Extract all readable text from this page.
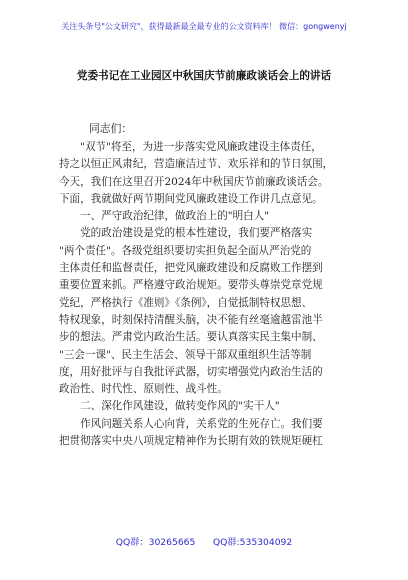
关注头条号"公文研究"，获得最新最全最专业的公文资料库！ 微信：gongwenyj
党委书记在工业园区中秋国庆节前廉政谈话会上的讲话
同志们：
　　"双节"将至，为进一步落实党风廉政建设主体责任，
持之以恒正风肃纪，营造廉洁过节、欢乐祥和的节日氛围，
今天，我们在这里召开2024年中秋国庆节前廉政谈话会。
下面，我就做好两节期间党风廉政建设工作讲几点意见。
　　一、严守政治纪律，做政治上的"明白人"
　　党的政治建设是党的根本性建设，我们要严格落实
"两个责任"。各级党组织要切实担负起全面从严治党的
主体责任和监督责任，把党风廉政建设和反腐败工作摆到
重要位置来抓。严格遵守政治规矩。要带头尊崇党章党规
党纪，严格执行《准则》《条例》，自觉抵制特权思想、
特权现象，时刻保持清醒头脑，决不能有丝毫逾越雷池半
步的想法。严肃党内政治生活。要认真落实民主集中制、
"三会一课"、民主生活会、领导干部双重组织生活等制
度，用好批评与自我批评武器，切实增强党内政治生活的
政治性、时代性、原则性、战斗性。
　　二、深化作风建设，做转变作风的"实干人"
　　作风问题关系人心向背，关系党的生死存亡。我们要
把贯彻落实中央八项规定精神作为长期有效的铁规矩硬杠
QQ群：30265665 QQ群:535304092
